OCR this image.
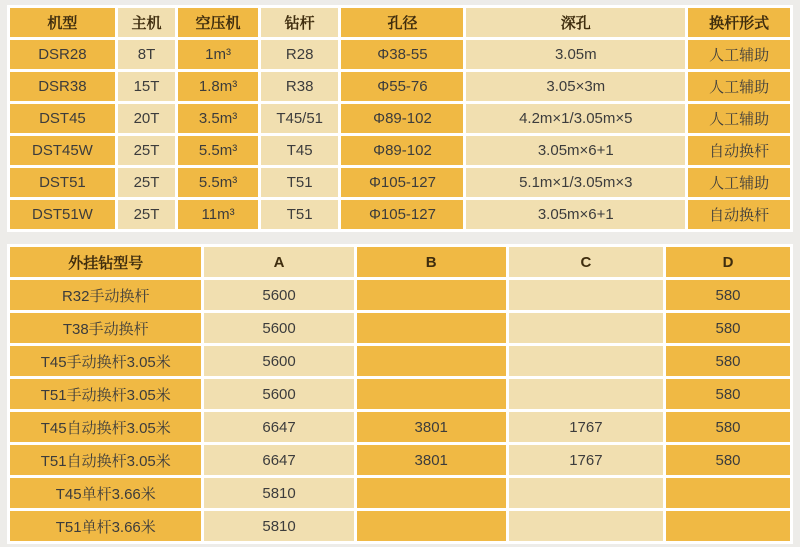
机型	主机	空压机	钻杆	孔径	深孔	换杆形式
DSR28	8T	1m³	R28	Φ38-55	3.05m	人工辅助
DSR38	15T	1.8m³	R38	Φ55-76	3.05×3m	人工辅助
DST45	20T	3.5m³	T45/51	Φ89-102	4.2m×1/3.05m×5	人工辅助
DST45W	25T	5.5m³	T45	Φ89-102	3.05m×6+1	自动换杆
DST51	25T	5.5m³	T51	Φ105-127	5.1m×1/3.05m×3	人工辅助
DST51W	25T	11m³	T51	Φ105-127	3.05m×6+1	自动换杆
外挂钻型号	A	B	C	D
R32手动换杆	5600			580
T38手动换杆	5600			580
T45手动换杆3.05米	5600			580
T51手动换杆3.05米	5600			580
T45自动换杆3.05米	6647	3801	1767	580
T51自动换杆3.05米	6647	3801	1767	580
T45单杆3.66米	5810			
T51单杆3.66米	5810			
